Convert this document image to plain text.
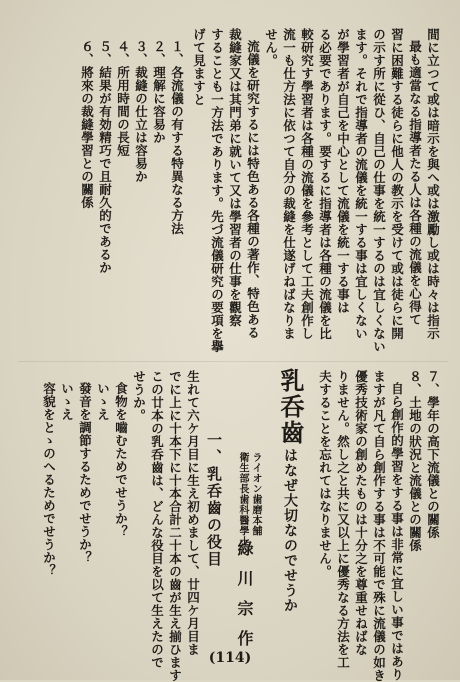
間に立つて或は暗示を與へ或は激勵し或は時々は指示
最も適當なる指導者たる人は各種の流儀を心得て
習に困難する徒らに他人の教示を受けて或は徒らに開
の示す所に從ひ、自己の仕事を統一するのは宜しくない
ます。それで指導者の流儀を統一する事は宜しくない
が學習者が自己を中心として流儀を統一する事は
る必要であります。要するに指導者は各種の流儀を比
較研究す學習者は各種の流儀を參考として工夫創作し
流一も仕方法に依つて自分の裁縫を仕遂げねばなりま
せん。
流儀を研究するには特色ある各種の著作、特色ある
裁縫家又は其門弟に就いて又は學習者の仕事を觀察
することも一方法であります。先づ流儀研究の要項を擧
げて見ますと
１、各流儀の有する特異なる方法
２、理解に容易か
３、裁縫の仕立は容易か
４、所用時間の長短
５、結果が有効精巧で且耐久的であるか
６、將來の裁縫學習との關係
７、學年の高下流儀との關係
８、土地の狀況と流儀との關係
自ら創作的學習をする事は非常に宜しい事ではあり
ますが凡て自ら創作する事は不可能で殊に流儀の如き
優秀技術家の創めたものは十分之を尊重せねばな
りません。然し之と共に又以上に優秀なる方法を工
夫することを忘れてはなりません。
乳呑齒
はなぜ大切なのでせうか
ライオン歯磨本舗
衛生部長歯科醫學士
綠川宗作
一、乳呑齒の役目
生れて六ケ月目に生え初めまして、廿四ケ月目ま
でに上に十本下に十本合計二十本の齒が生え揃ひます
この廿本の乳呑齒は、どんな役目を以て生えたので
せうか。
食物を嚙むためでせうか？
いゝえ
發音を調節するためでせうか？
いゝえ
容貌をとゝのへるためでせうか？
(114)
